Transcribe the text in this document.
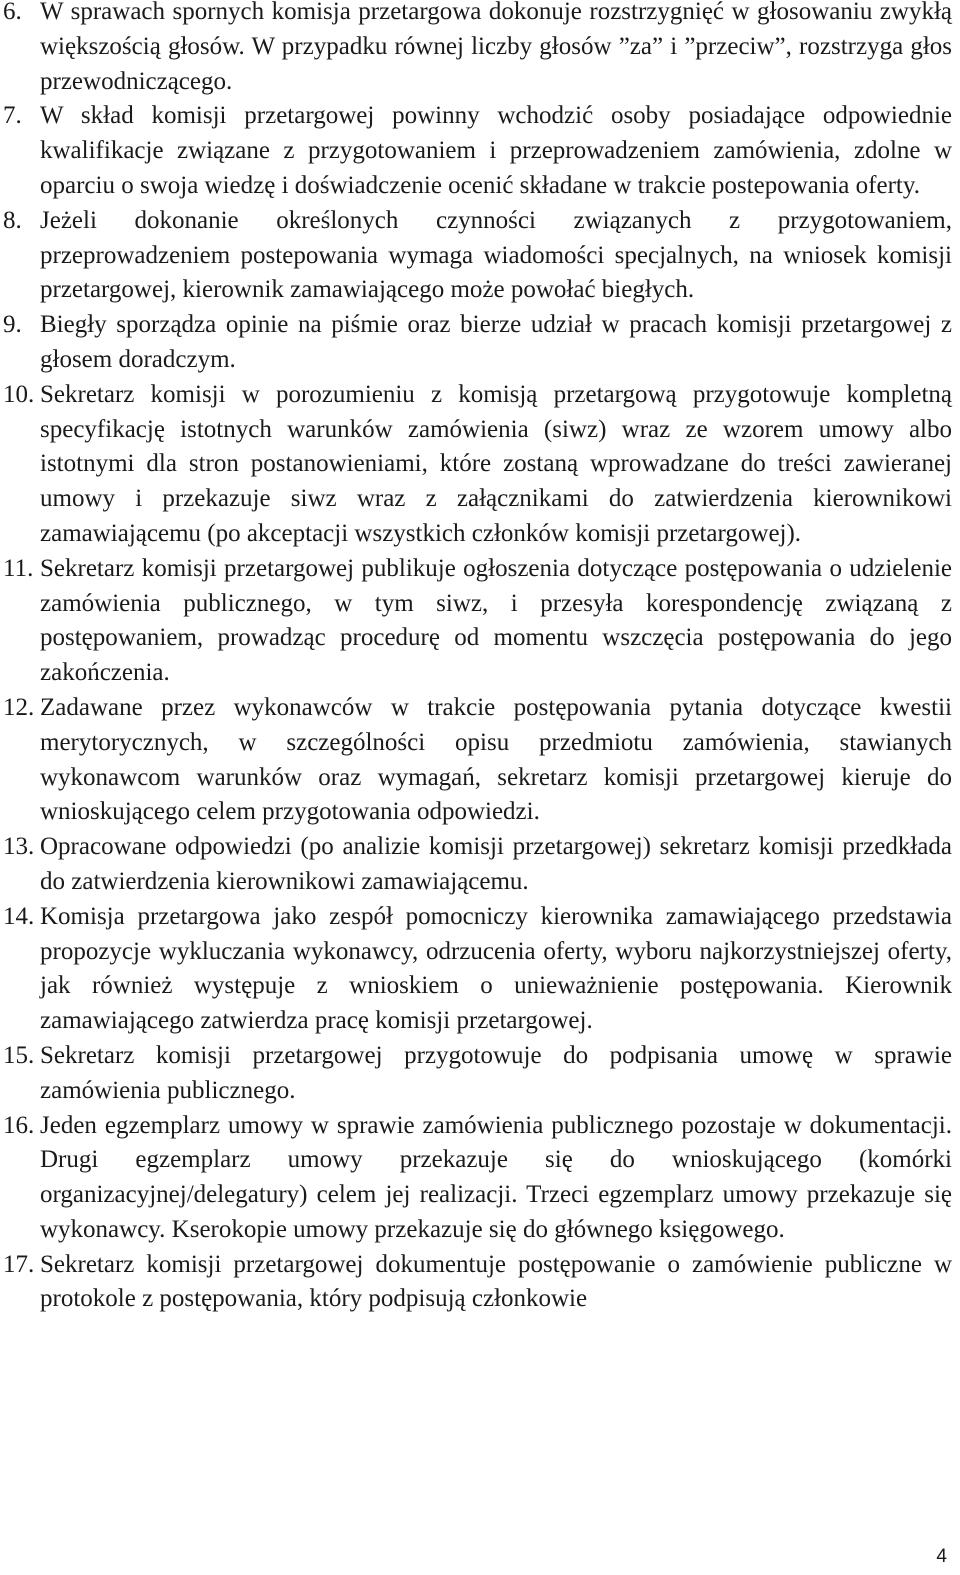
6. W sprawach spornych komisja przetargowa dokonuje rozstrzygnięć w głosowaniu zwykłą większością głosów. W przypadku równej liczby głosów ”za” i ”przeciw”, rozstrzyga głos przewodniczącego.

7. W skład komisji przetargowej powinny wchodzić osoby posiadające odpowiednie kwalifikacje związane z przygotowaniem i przeprowadzeniem zamówienia, zdolne w oparciu o swoja wiedzę i doświadczenie ocenić składane w trakcie postepowania oferty.

8. Jeżeli dokonanie określonych czynności związanych z przygotowaniem, przeprowadzeniem postepowania wymaga wiadomości specjalnych, na wniosek komisji przetargowej, kierownik zamawiającego może powołać biegłych.

9. Biegły sporządza opinie na piśmie oraz bierze udział w pracach komisji przetargowej z głosem doradczym.

10. Sekretarz komisji w porozumieniu z komisją przetargową przygotowuje kompletną specyfikację istotnych warunków zamówienia (siwz) wraz ze wzorem umowy albo istotnymi dla stron postanowieniami, które zostaną wprowadzane do treści zawieranej umowy i przekazuje siwz wraz z załącznikami do zatwierdzenia kierownikowi zamawiającemu (po akceptacji wszystkich członków komisji przetargowej).

11. Sekretarz komisji przetargowej publikuje ogłoszenia dotyczące postępowania o udzielenie zamówienia publicznego, w tym siwz, i przesyła korespondencję związaną z postępowaniem, prowadząc procedurę od momentu wszczęcia postępowania do jego zakończenia.

12. Zadawane przez wykonawców w trakcie postępowania pytania dotyczące kwestii merytorycznych, w szczególności opisu przedmiotu zamówienia, stawianych wykonawcom warunków oraz wymagań, sekretarz komisji przetargowej kieruje do wnioskującego celem przygotowania odpowiedzi.

13. Opracowane odpowiedzi (po analizie komisji przetargowej) sekretarz komisji przedkłada do zatwierdzenia kierownikowi zamawiającemu.

14. Komisja przetargowa jako zespół pomocniczy kierownika zamawiającego przedstawia propozycje wykluczania wykonawcy, odrzucenia oferty, wyboru najkorzystniejszej oferty, jak również występuje z wnioskiem o unieważnienie postępowania. Kierownik zamawiającego zatwierdza pracę komisji przetargowej.

15. Sekretarz komisji przetargowej przygotowuje do podpisania umowę w sprawie zamówienia publicznego.

16. Jeden egzemplarz umowy w sprawie zamówienia publicznego pozostaje w dokumentacji. Drugi egzemplarz umowy przekazuje się do wnioskującego (komórki organizacyjnej/delegatury) celem jej realizacji. Trzeci egzemplarz umowy przekazuje się wykonawcy. Kserokopie umowy przekazuje się do głównego księgowego.

17. Sekretarz komisji przetargowej dokumentuje postępowanie o zamówienie publiczne w protokole z postępowania, który podpisują członkowie

4
